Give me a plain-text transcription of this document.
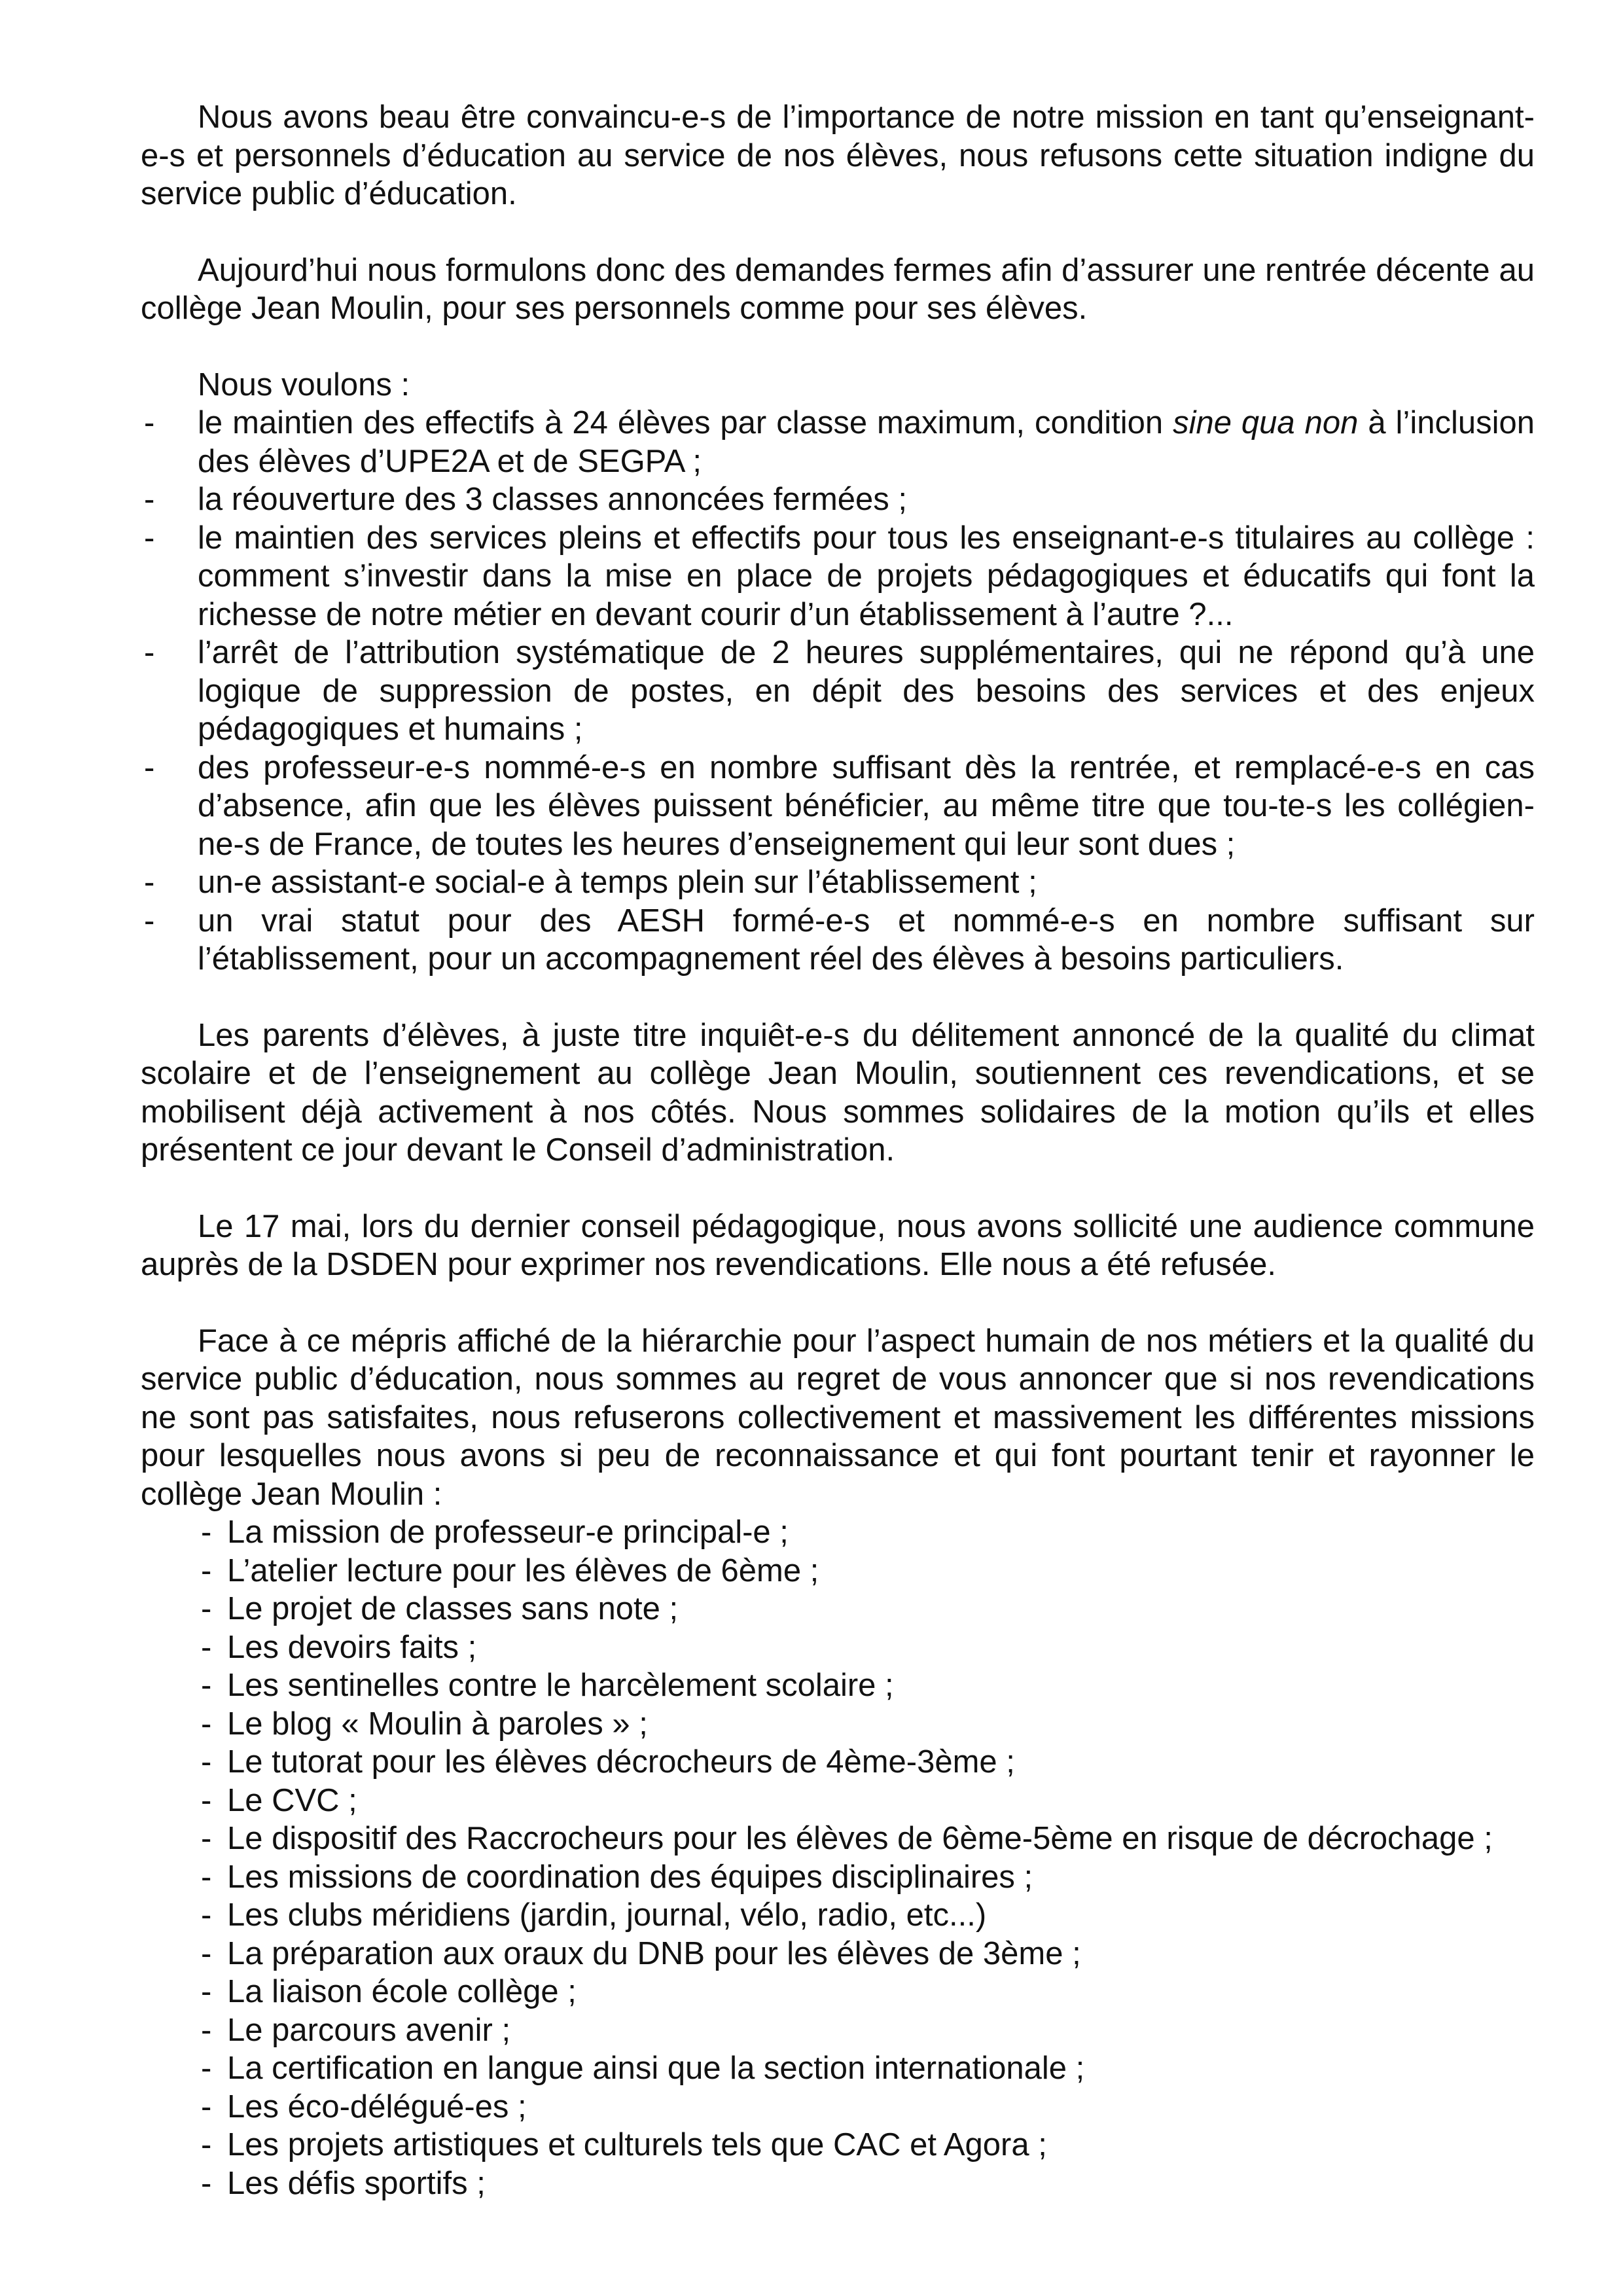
Nous avons beau être convaincu-e-s de l’importance de notre mission en tant qu’enseignant-e-s et personnels d’éducation au service de nos élèves, nous refusons cette situation indigne du service public d’éducation.

Aujourd’hui nous formulons donc des demandes fermes afin d’assurer une rentrée décente au collège Jean Moulin, pour ses personnels comme pour ses élèves.

Nous voulons :

- le maintien des effectifs à 24 élèves par classe maximum, condition sine qua non à l’inclusion des élèves d’UPE2A et de SEGPA ;
- la réouverture des 3 classes annoncées fermées ;
- le maintien des services pleins et effectifs pour tous les enseignant-e-s titulaires au collège : comment s’investir dans la mise en place de projets pédagogiques et éducatifs qui font la richesse de notre métier en devant courir d’un établissement à l’autre ?...
- l’arrêt de l’attribution systématique de 2 heures supplémentaires, qui ne répond qu’à une logique de suppression de postes, en dépit des besoins des services et des enjeux pédagogiques et humains ;
- des professeur-e-s nommé-e-s en nombre suffisant dès la rentrée, et remplacé-e-s en cas d’absence, afin que les élèves puissent bénéficier, au même titre que tou-te-s les collégien-ne-s de France, de toutes les heures d’enseignement qui leur sont dues ;
- un-e assistant-e social-e à temps plein sur l’établissement ;
- un vrai statut pour des AESH formé-e-s et nommé-e-s en nombre suffisant sur l’établissement, pour un accompagnement réel des élèves à besoins particuliers.

Les parents d’élèves, à juste titre inquiêt-e-s du délitement annoncé de la qualité du climat scolaire et de l’enseignement au collège Jean Moulin, soutiennent ces revendications, et se mobilisent déjà activement à nos côtés. Nous sommes solidaires de la motion qu’ils et elles présentent ce jour devant le Conseil d’administration.

Le 17 mai, lors du dernier conseil pédagogique, nous avons sollicité une audience commune auprès de la DSDEN pour exprimer nos revendications. Elle nous a été refusée.

Face à ce mépris affiché de la hiérarchie pour l’aspect humain de nos métiers et la qualité du service public d’éducation, nous sommes au regret de vous annoncer que si nos revendications ne sont pas satisfaites, nous refuserons collectivement et massivement les différentes missions pour lesquelles nous avons si peu de reconnaissance et qui font pourtant tenir et rayonner le collège Jean Moulin :

- La mission de professeur-e principal-e ;
- L’atelier lecture pour les élèves de 6ème ;
- Le projet de classes sans note ;
- Les devoirs faits ;
- Les sentinelles contre le harcèlement scolaire ;
- Le blog « Moulin à paroles » ;
- Le tutorat pour les élèves décrocheurs de 4ème-3ème ;
- Le CVC ;
- Le dispositif des Raccrocheurs pour les élèves de 6ème-5ème en risque de décrochage ;
- Les missions de coordination des équipes disciplinaires ;
- Les clubs méridiens (jardin, journal, vélo, radio, etc...)
- La préparation aux oraux du DNB pour les élèves de 3ème ;
- La liaison école collège ;
- Le parcours avenir ;
- La certification en langue ainsi que la section internationale ;
- Les éco-délégué-es ;
- Les projets artistiques et culturels tels que CAC et Agora ;
- Les défis sportifs ;
